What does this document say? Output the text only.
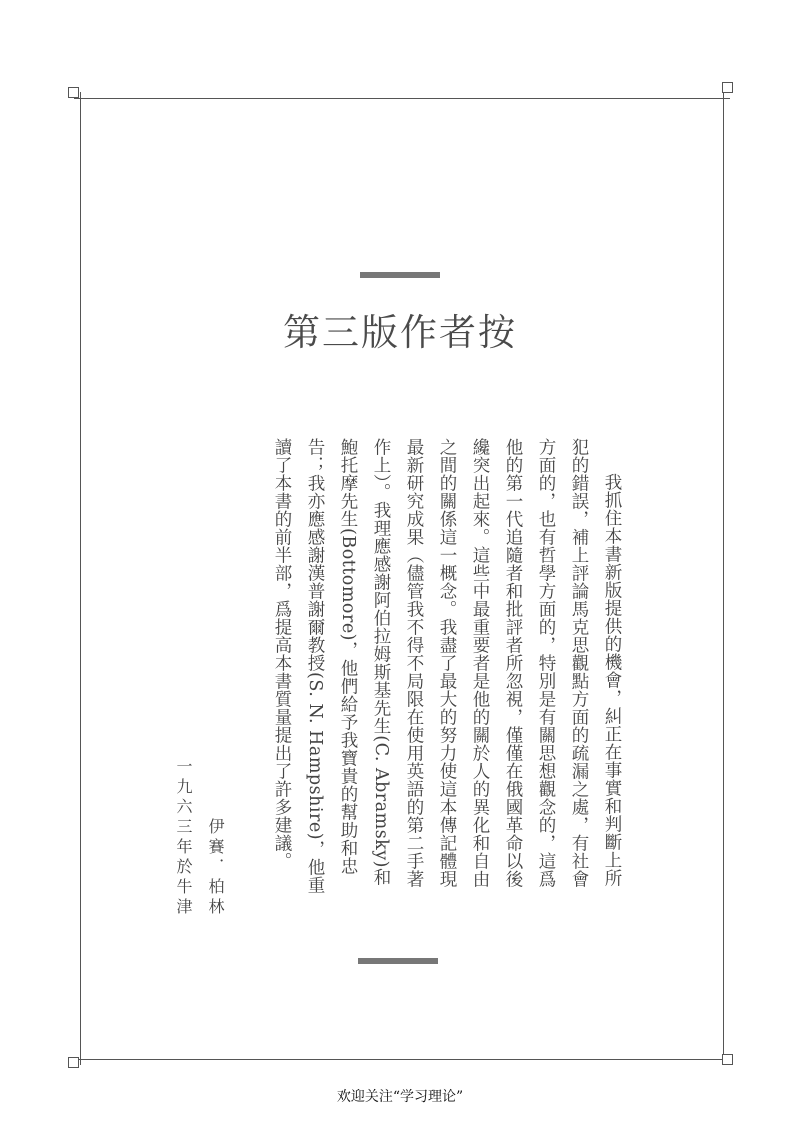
第三版作者按

我抓住本書新版提供的機會，糾正在事實和判斷上所犯的錯誤，補上評論馬克思觀點方面的疏漏之處，有社會方面的，也有哲學方面的，特別是有關思想觀念的，這爲他的第一代追隨者和批評者所忽視，僅僅在俄國革命以後纔突出起來。這些中最重要者是他的關於人的異化和自由之間的關係這一概念。我盡了最大的努力使這本傳記體現最新研究成果（儘管我不得不局限在使用英語的第二手著作上）。我理應感謝阿伯拉姆斯基先生(C. Abramsky)和鮑托摩先生(Bottomore)，他們給予我寶貴的幫助和忠告；我亦應感謝漢普謝爾教授(S. N. Hampshire)，他重讀了本書的前半部，爲提高本書質量提出了許多建議。

伊賽．柏林
一九六三年於牛津
欢迎关注“学习理论”
